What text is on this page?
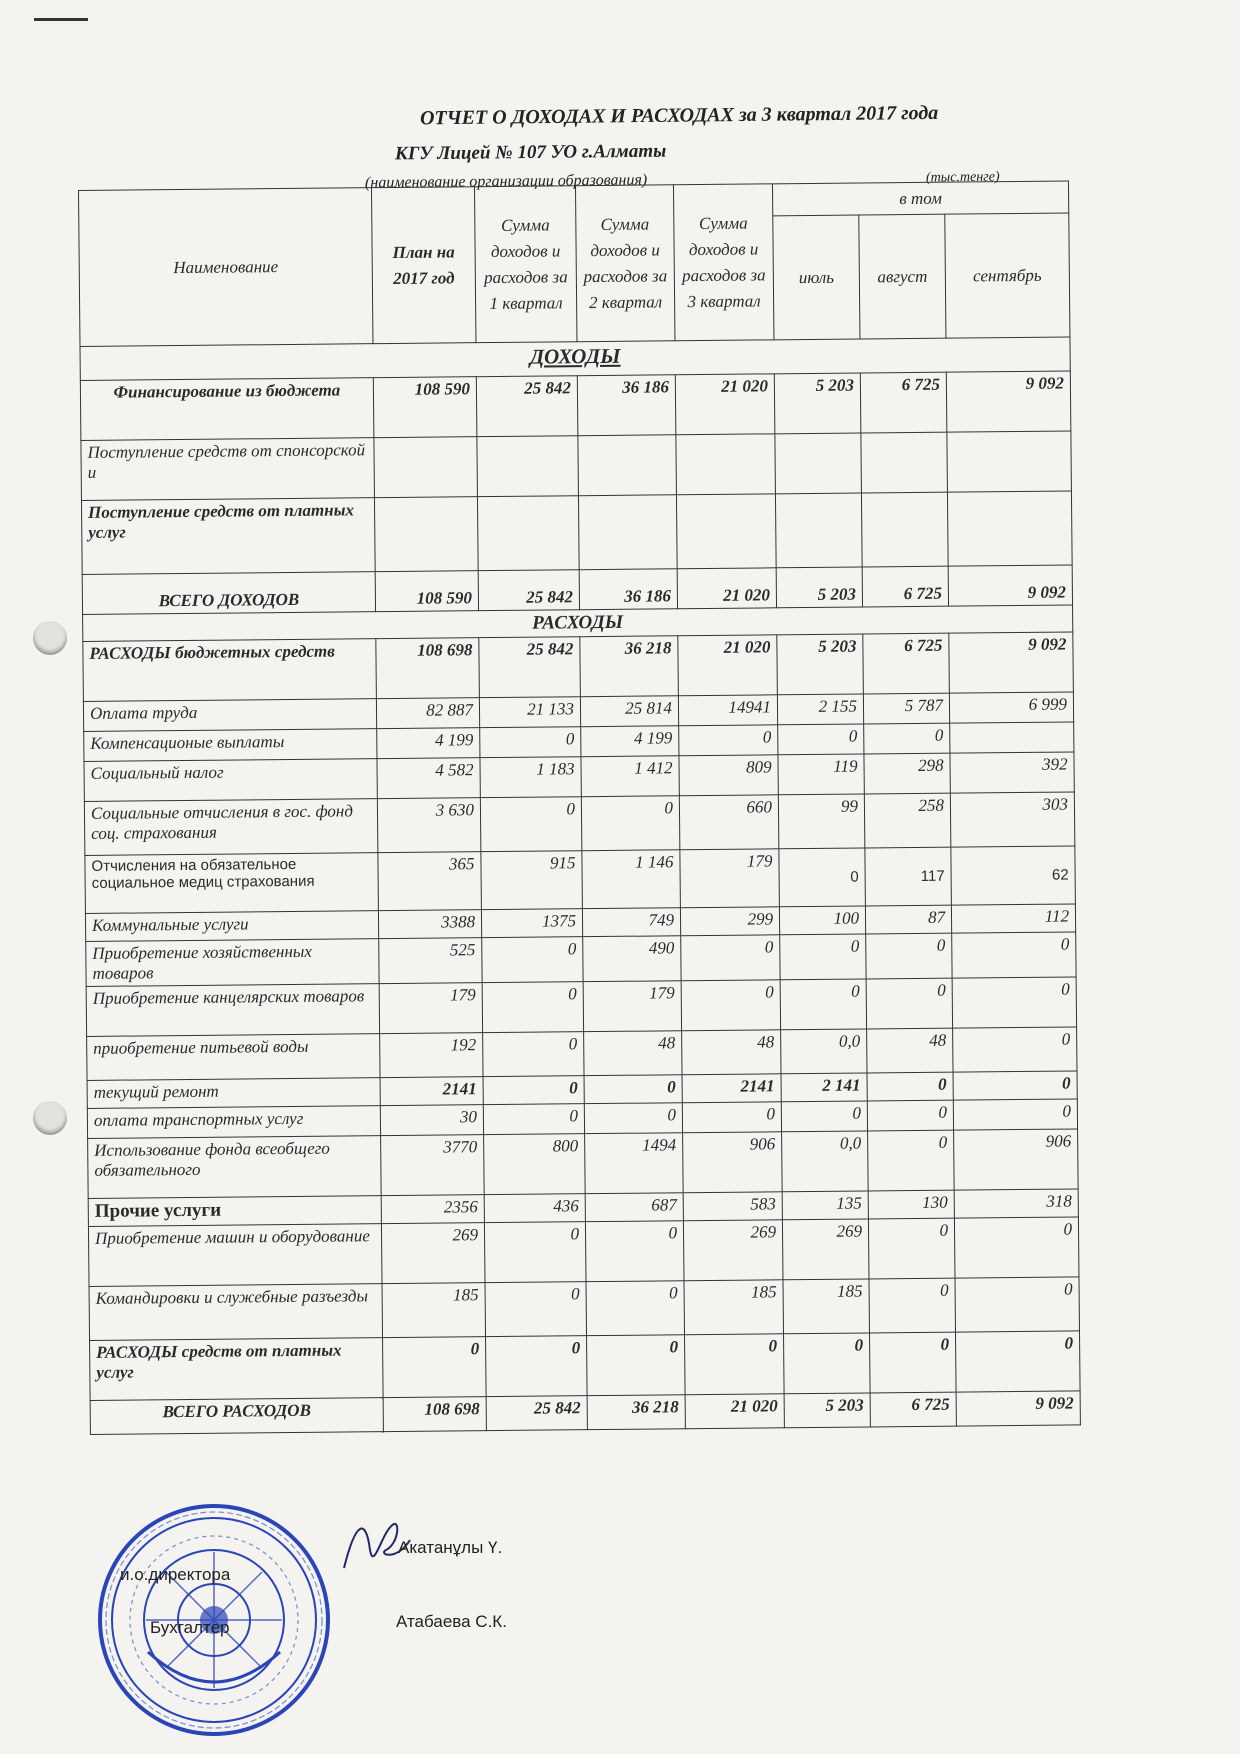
ОТЧЕТ О ДОХОДАХ И РАСХОДАХ за 3 квартал 2017 года
КГУ Лицей № 107 УО г.Алматы
(наименование организации образования)	(тыс.тенге)
Наименование	План на 2017 год	Сумма доходов и расходов за 1 квартал	Сумма доходов и расходов за 2 квартал	Сумма доходов и расходов за 3 квартал	в том		
					июль	август	сентябрь
ДОХОДЫ							
Финансирование из бюджета	108 590	25 842	36 186	21 020	5 203	6 725	9 092
Поступление средств от спонсорской и							
Поступление средств от платных услуг							
ВСЕГО ДОХОДОВ	108 590	25 842	36 186	21 020	5 203	6 725	9 092
РАСХОДЫ							
РАСХОДЫ бюджетных средств	108 698	25 842	36 218	21 020	5 203	6 725	9 092
Оплата труда	82 887	21 133	25 814	14941	2 155	5 787	6 999
Компенсационые выплаты	4 199	0	4 199	0	0	0	
Социальный налог	4 582	1 183	1 412	809	119	298	392
Социальные отчисления в гос. фонд соц. страхования	3 630	0	0	660	99	258	303
Отчисления на обязательное социальное медиц страхования	365	915	1 146	179	0	117	62
Коммунальные услуги	3388	1375	749	299	100	87	112
Приобретение хозяйственных товаров	525	0	490	0	0	0	0
Приобретение канцелярских товаров	179	0	179	0	0	0	0
приобретение питьевой воды	192	0	48	48	0,0	48	0
текущий ремонт	2141	0	0	2141	2 141	0	0
оплата транспортных услуг	30	0	0	0	0	0	0
Использование фонда всеобщего обязательного	3770	800	1494	906	0,0	0	906
Прочие услуги	2356	436	687	583	135	130	318
Приобретение машин и оборудование	269	0	0	269	269	0	0
Командировки и служебные разъезды	185	0	0	185	185	0	0
РАСХОДЫ средств от платных услуг	0	0	0	0	0	0	0
ВСЕГО РАСХОДОВ	108 698	25 842	36 218	21 020	5 203	6 725	9 092
и.о.директора
Акатанұлы Ү.
Бухгалтер	Атабаева С.К.
